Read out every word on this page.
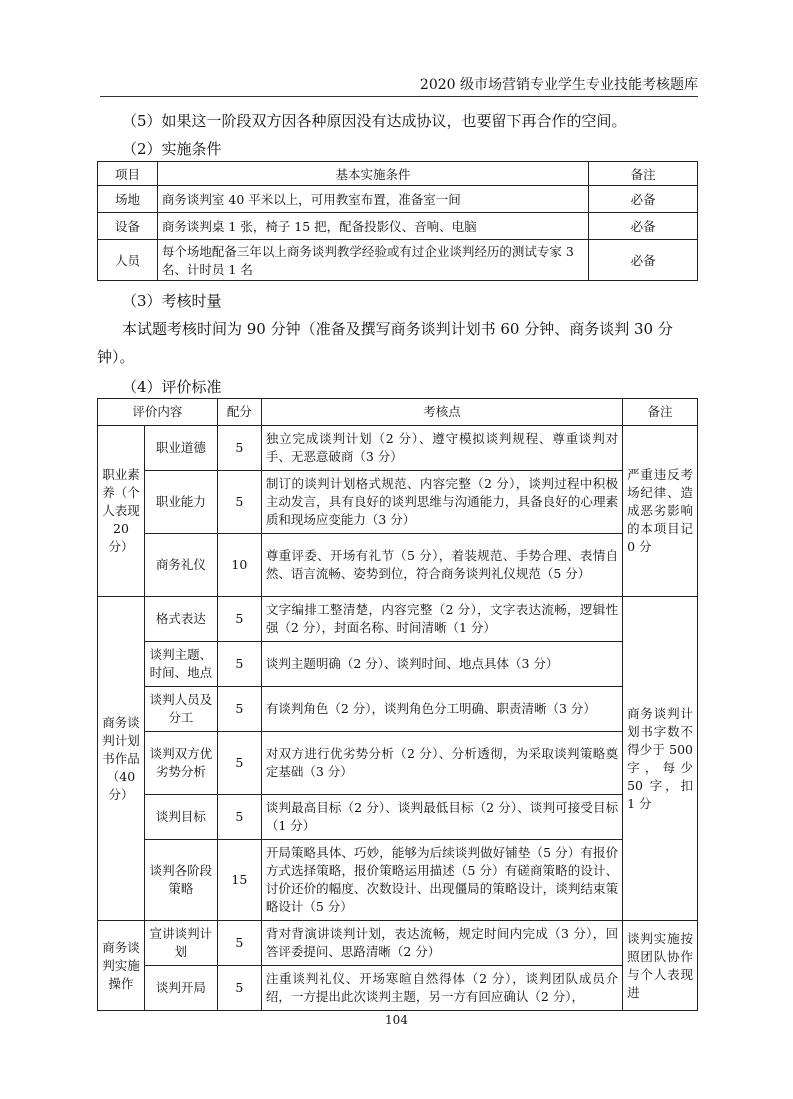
2020 级市场营销专业学生专业技能考核题库
（5）如果这一阶段双方因各种原因没有达成协议，也要留下再合作的空间。
（2）实施条件
项目	基本实施条件	备注
场地	商务谈判室 40 平米以上，可用教室布置，准备室一间	必备
设备	商务谈判桌 1 张，椅子 15 把，配备投影仪、音响、电脑	必备
人员	每个场地配备三年以上商务谈判教学经验或有过企业谈判经历的测试专家 3 名、计时员 1 名	必备
（3）考核时量
本试题考核时间为 90 分钟（准备及撰写商务谈判计划书 60 分钟、商务谈判 30 分
钟）。
（4）评价标准
评价内容		配分	考核点	备注
职业素养（个人表现 20 分）	职业道德	5	独立完成谈判计划（2 分）、遵守模拟谈判规程、尊重谈判对手、无恶意破商（3 分）	严重违反考场纪律、造成恶劣影响的本项目记 0 分
	职业能力	5	制订的谈判计划格式规范、内容完整（2 分），谈判过程中积极主动发言，具有良好的谈判思维与沟通能力，具备良好的心理素质和现场应变能力（3 分）	
	商务礼仪	10	尊重评委、开场有礼节（5 分），着装规范、手势合理、表情自然、语言流畅、姿势到位，符合商务谈判礼仪规范（5 分）	
商务谈判计划书作品（40 分）	格式表达	5	文字编排工整清楚，内容完整（2 分），文字表达流畅，逻辑性强（2 分），封面名称、时间清晰（1 分）	商务谈判计划书字数不得少于 500 字，每少 50 字，扣 1 分
	谈判主题、时间、地点	5	谈判主题明确（2 分）、谈判时间、地点具体（3 分）	
	谈判人员及分工	5	有谈判角色（2 分），谈判角色分工明确、职责清晰（3 分）	
	谈判双方优劣势分析	5	对双方进行优劣势分析（2 分）、分析透彻，为采取谈判策略奠定基础（3 分）	
	谈判目标	5	谈判最高目标（2 分）、谈判最低目标（2 分）、谈判可接受目标（1 分）	
	谈判各阶段策略	15	开局策略具体、巧妙，能够为后续谈判做好铺垫（5 分）有报价方式选择策略，报价策略运用描述（5 分）有磋商策略的设计、讨价还价的幅度、次数设计、出现僵局的策略设计，谈判结束策略设计（5 分）	
商务谈判实施操作	宣讲谈判计划	5	背对背演讲谈判计划，表达流畅，规定时间内完成（3 分），回答评委提问、思路清晰（2 分）	谈判实施按照团队协作与个人表现进
	谈判开局	5	注重谈判礼仪、开场寒暄自然得体（2 分），谈判团队成员介绍，一方提出此次谈判主题，另一方有回应确认（2 分），	
104
